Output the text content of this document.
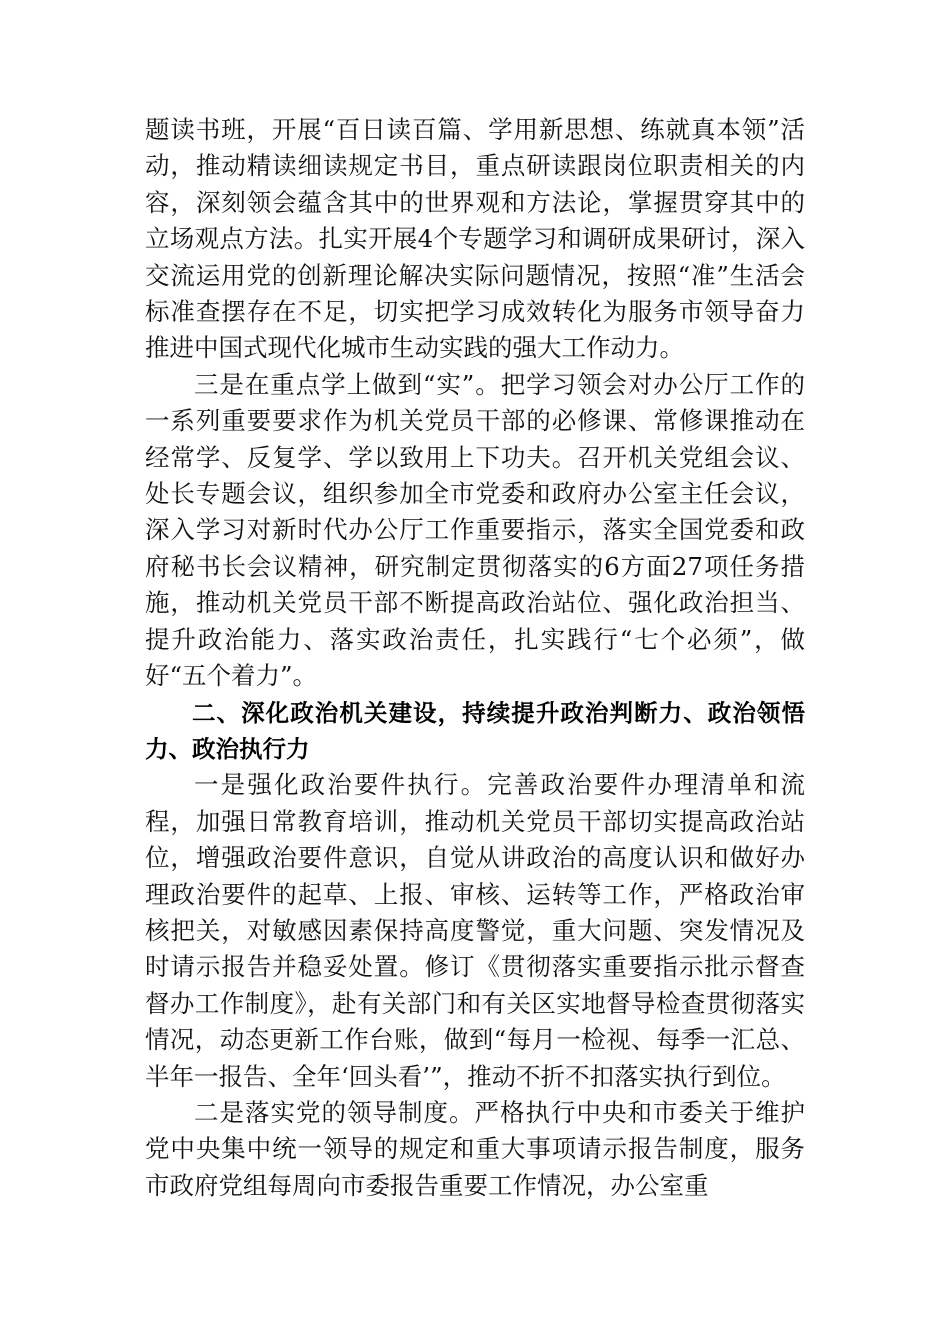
题读书班，开展“百日读百篇、学用新思想、练就真本领”活动，推动精读细读规定书目，重点研读跟岗位职责相关的内容，深刻领会蕴含其中的世界观和方法论，掌握贯穿其中的立场观点方法。扎实开展4个专题学习和调研成果研讨，深入交流运用党的创新理论解决实际问题情况，按照“准”生活会标准查摆存在不足，切实把学习成效转化为服务市领导奋力推进中国式现代化城市生动实践的强大工作动力。

三是在重点学上做到“实”。把学习领会对办公厅工作的一系列重要要求作为机关党员干部的必修课、常修课推动在经常学、反复学、学以致用上下功夫。召开机关党组会议、处长专题会议，组织参加全市党委和政府办公室主任会议，深入学习对新时代办公厅工作重要指示，落实全国党委和政府秘书长会议精神，研究制定贯彻落实的6方面27项任务措施，推动机关党员干部不断提高政治站位、强化政治担当、提升政治能力、落实政治责任，扎实践行“七个必须”，做好“五个着力”。

二、深化政治机关建设，持续提升政治判断力、政治领悟力、政治执行力

一是强化政治要件执行。完善政治要件办理清单和流程，加强日常教育培训，推动机关党员干部切实提高政治站位，增强政治要件意识，自觉从讲政治的高度认识和做好办理政治要件的起草、上报、审核、运转等工作，严格政治审核把关，对敏感因素保持高度警觉，重大问题、突发情况及时请示报告并稳妥处置。修订《贯彻落实重要指示批示督查督办工作制度》，赴有关部门和有关区实地督导检查贯彻落实情况，动态更新工作台账，做到“每月一检视、每季一汇总、半年一报告、全年‘回头看’”，推动不折不扣落实执行到位。

二是落实党的领导制度。严格执行中央和市委关于维护党中央集中统一领导的规定和重大事项请示报告制度，服务市政府党组每周向市委报告重要工作情况，办公室重
